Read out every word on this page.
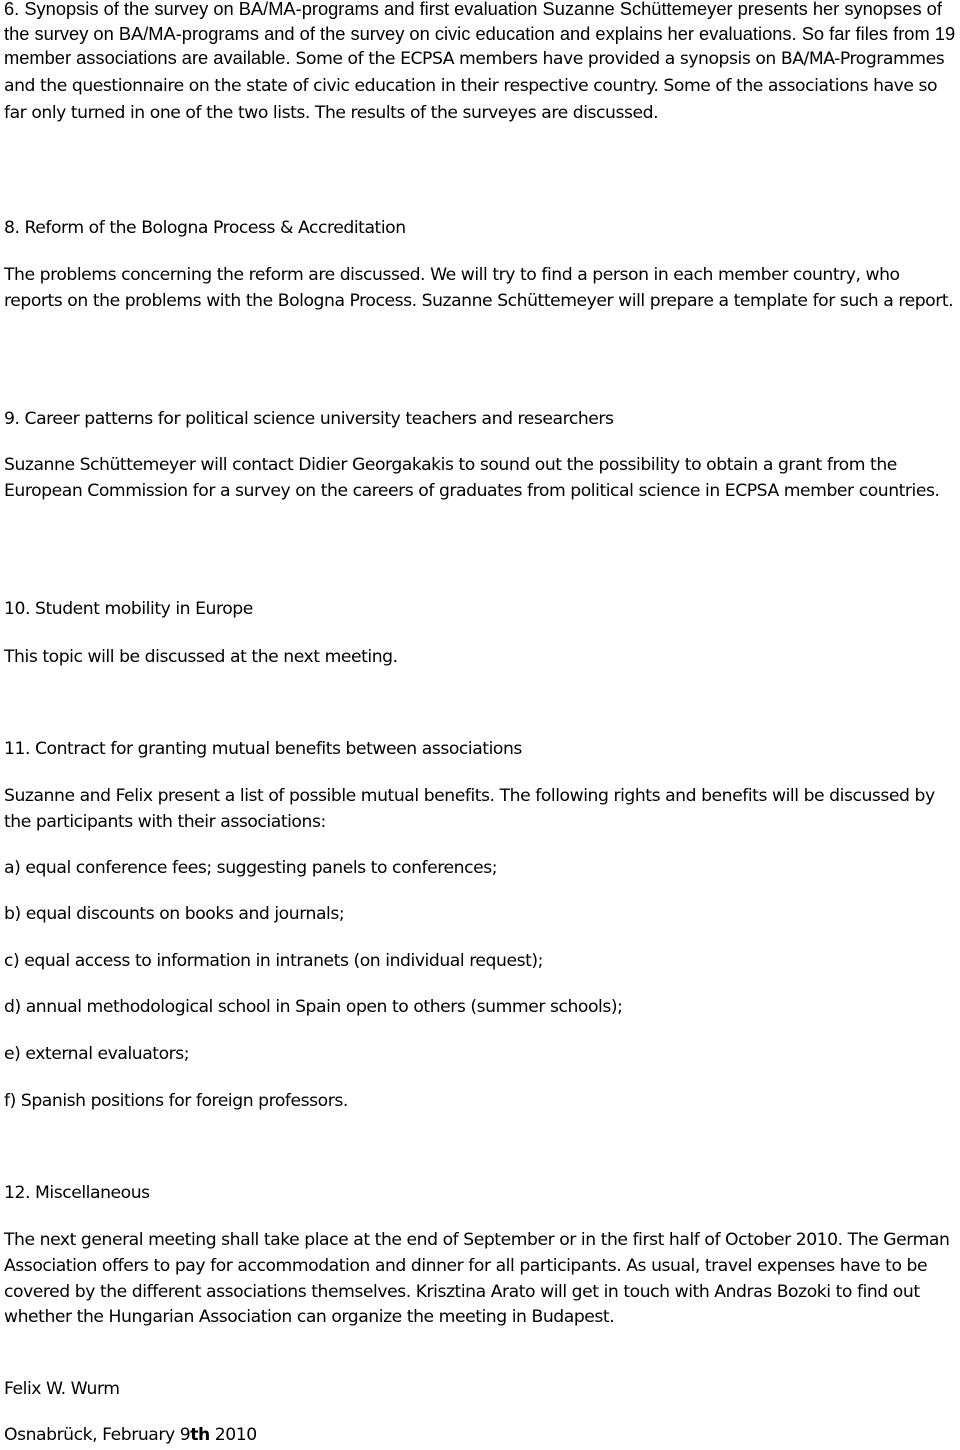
6. Synopsis of the survey on BA/MA-programs and first evaluation Suzanne Schüttemeyer presents her synopses of the survey on BA/MA-programs and of the survey on civic education and explains her evaluations. So far files from 19 member associations are available. Some of the ECPSA members have provided a synopsis on BA/MA-Programmes and the questionnaire on the state of civic education in their respective country. Some of the associations have so far only turned in one of the two lists. The results of the surveyes are discussed.

8. Reform of the Bologna Process & Accreditation
The problems concerning the reform are discussed. We will try to find a person in each member country, who reports on the problems with the Bologna Process. Suzanne Schüttemeyer will prepare a template for such a report.
9. Career patterns for political science university teachers and researchers
Suzanne Schüttemeyer will contact Didier Georgakakis to sound out the possibility to obtain a grant from the European Commission for a survey on the careers of graduates from political science in ECPSA member countries.
10. Student mobility in Europe
This topic will be discussed at the next meeting.
11. Contract for granting mutual benefits between associations
Suzanne and Felix present a list of possible mutual benefits. The following rights and benefits will be discussed by the participants with their associations:
a) equal conference fees; suggesting panels to conferences;
b) equal discounts on books and journals;
c) equal access to information in intranets (on individual request);
d) annual methodological school in Spain open to others (summer schools);
e) external evaluators;
f) Spanish positions for foreign professors.
12. Miscellaneous
The next general meeting shall take place at the end of September or in the first half of October 2010. The German Association offers to pay for accommodation and dinner for all participants. As usual, travel expenses have to be covered by the different associations themselves. Krisztina Arato will get in touch with Andras Bozoki to find out whether the Hungarian Association can organize the meeting in Budapest.
Felix W. Wurm
Osnabrück, February 9th 2010
